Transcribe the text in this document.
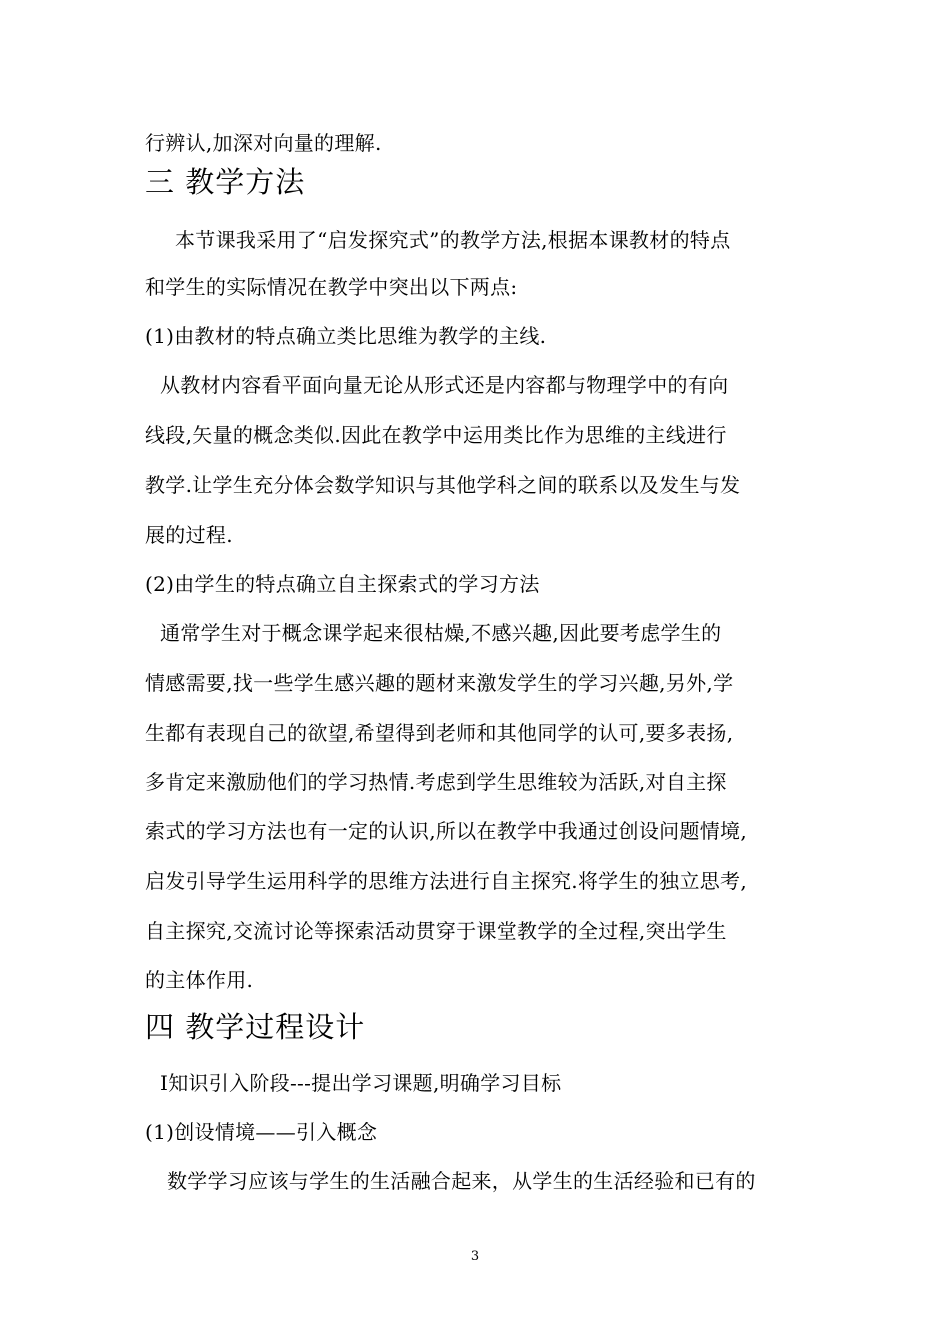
行辨认,加深对向量的理解.
三 教学方法
本节课我采用了“启发探究式”的教学方法,根据本课教材的特点
和学生的实际情况在教学中突出以下两点:
(1)由教材的特点确立类比思维为教学的主线.
从教材内容看平面向量无论从形式还是内容都与物理学中的有向
线段,矢量的概念类似.因此在教学中运用类比作为思维的主线进行
教学.让学生充分体会数学知识与其他学科之间的联系以及发生与发
展的过程.
(2)由学生的特点确立自主探索式的学习方法
通常学生对于概念课学起来很枯燥,不感兴趣,因此要考虑学生的
情感需要,找一些学生感兴趣的题材来激发学生的学习兴趣,另外,学
生都有表现自己的欲望,希望得到老师和其他同学的认可,要多表扬,
多肯定来激励他们的学习热情.考虑到学生思维较为活跃,对自主探
索式的学习方法也有一定的认识,所以在教学中我通过创设问题情境,
启发引导学生运用科学的思维方法进行自主探究.将学生的独立思考,
自主探究,交流讨论等探索活动贯穿于课堂教学的全过程,突出学生
的主体作用.
四 教学过程设计
Ⅰ知识引入阶段---提出学习课题,明确学习目标
(1)创设情境——引入概念
数学学习应该与学生的生活融合起来，从学生的生活经验和已有的
3
